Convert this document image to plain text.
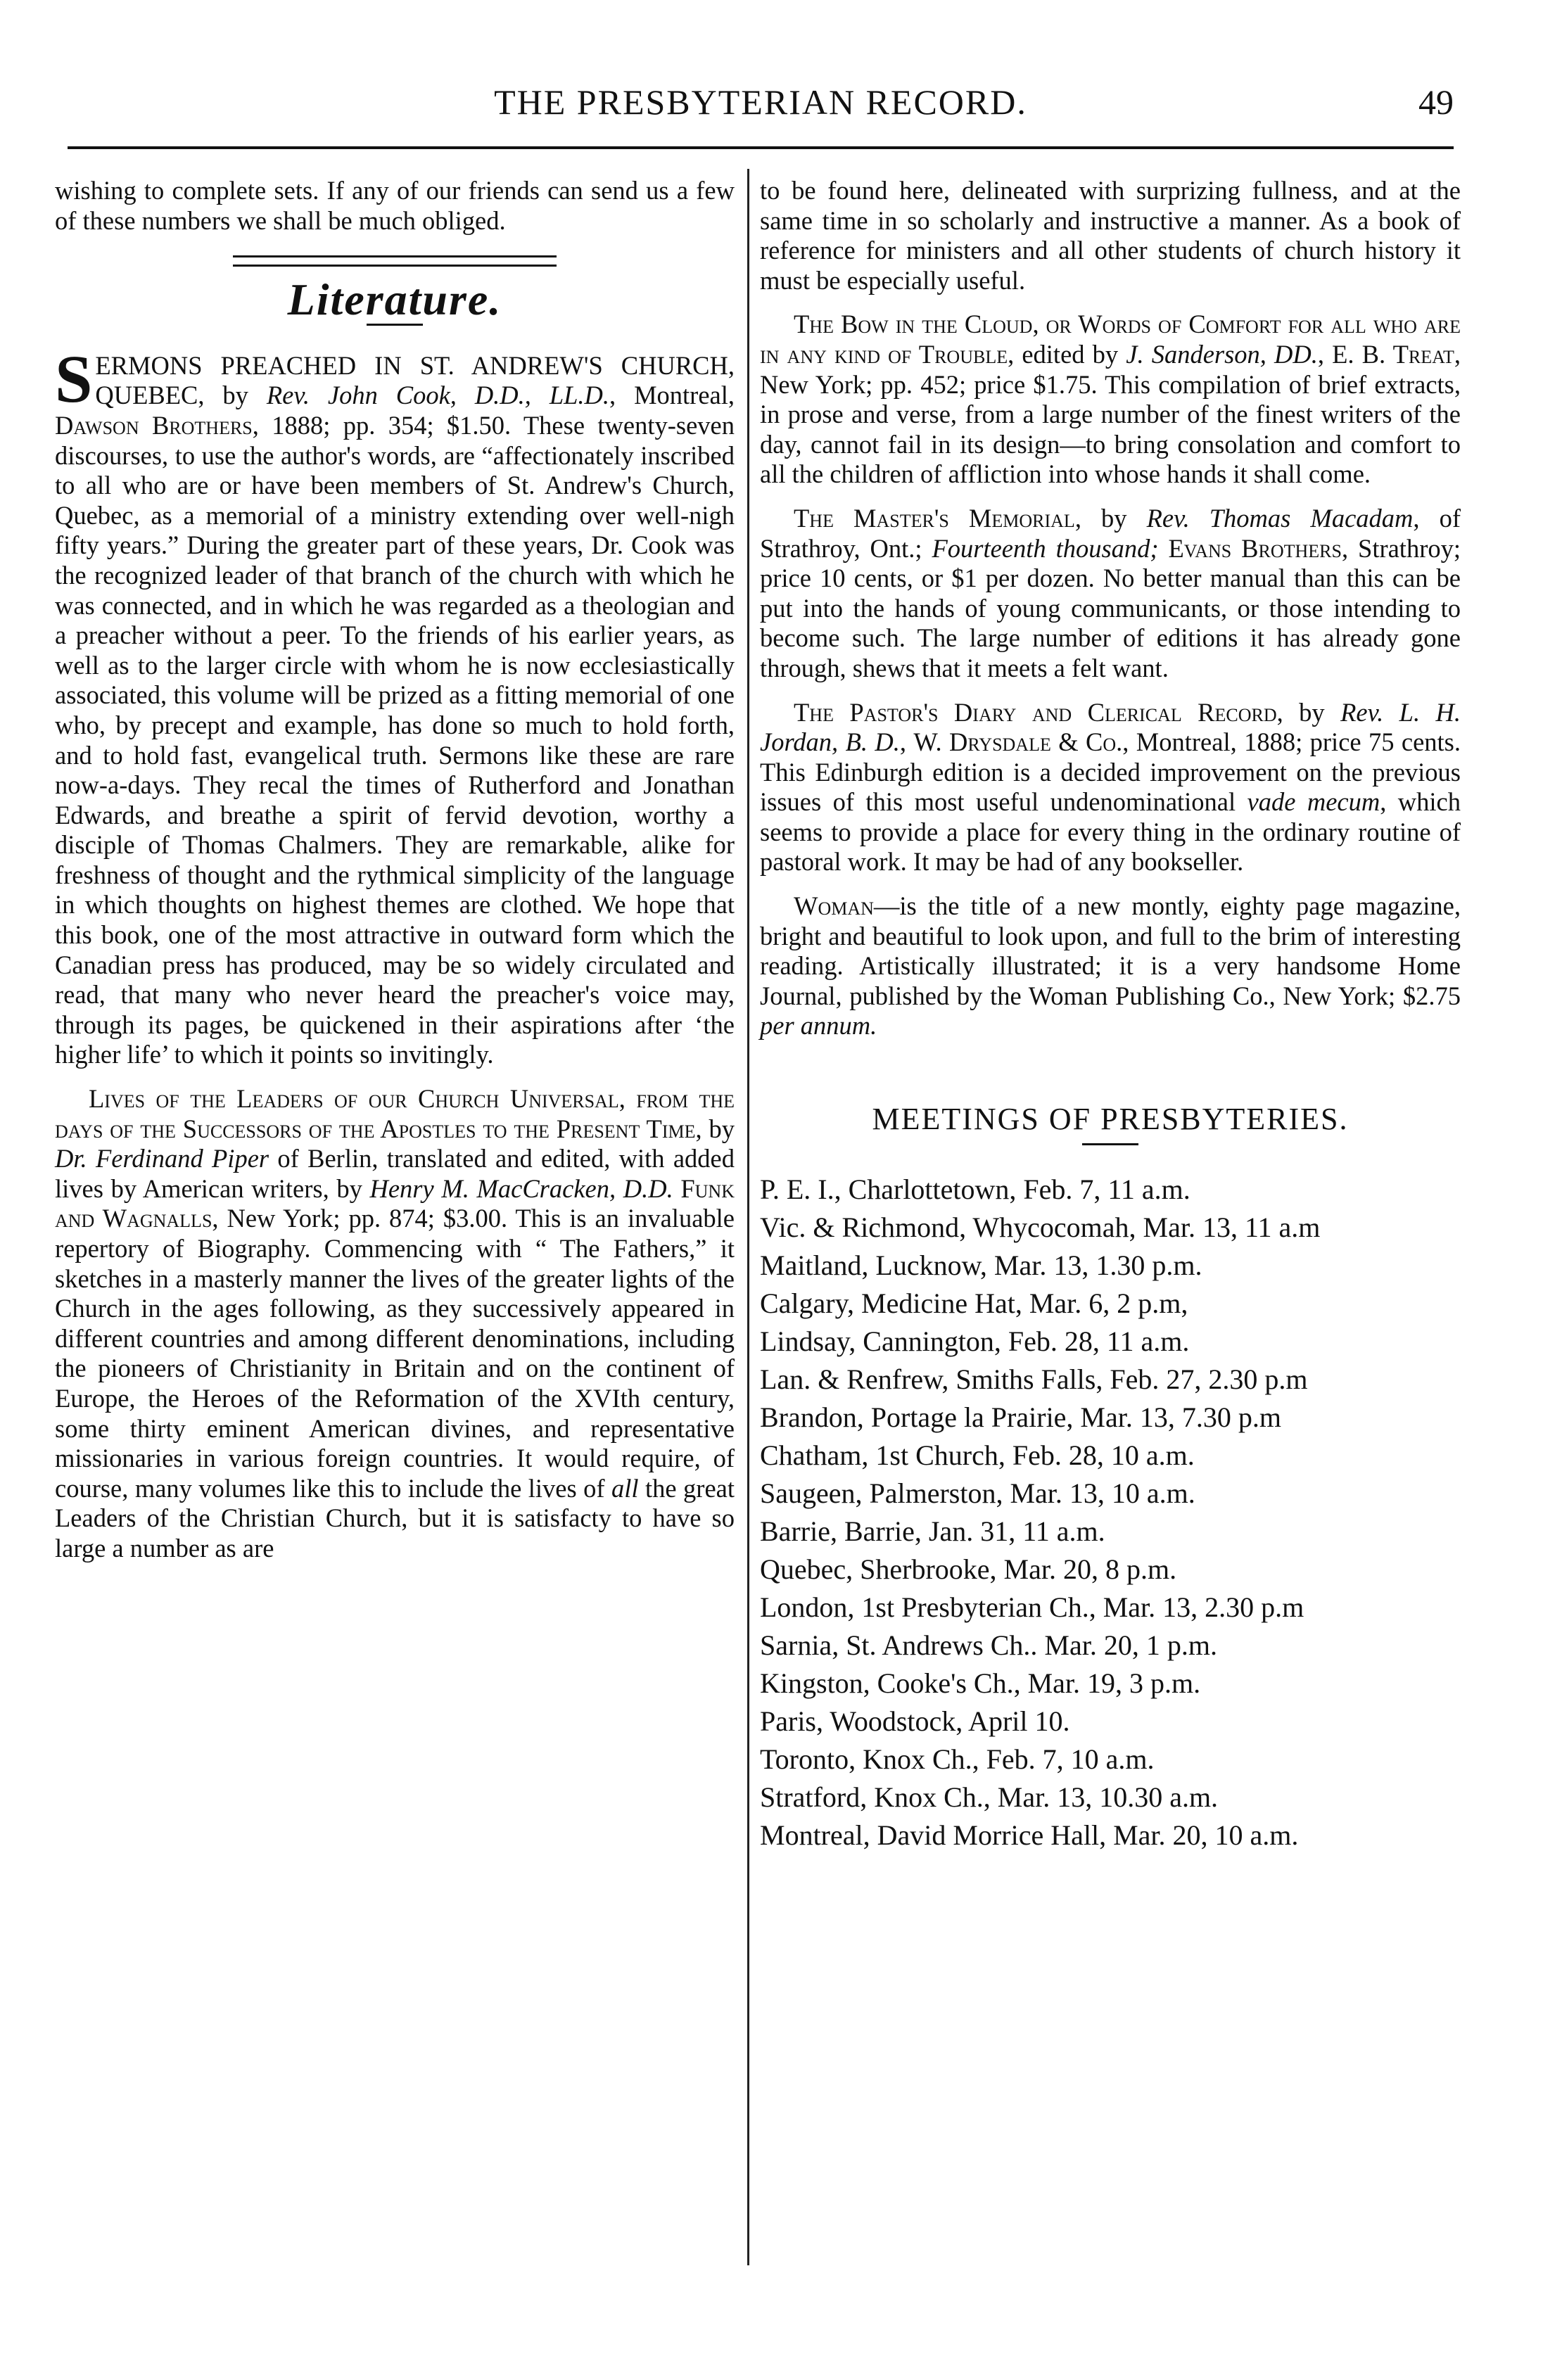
THE PRESBYTERIAN RECORD.	49

wishing to complete sets. If any of our friends can send us a few of these numbers we shall be much obliged.

Literature.

SERMONS PREACHED IN ST. ANDREW'S CHURCH, QUEBEC, by Rev. John Cook, D.D., LL.D., Montreal, Dawson Brothers, 1888; pp. 354; $1.50. These twenty-seven discourses, to use the author's words, are “affectionately inscribed to all who are or have been members of St. Andrew's Church, Quebec, as a memorial of a ministry extending over well-nigh fifty years.” During the greater part of these years, Dr. Cook was the recognized leader of that branch of the church with which he was connected, and in which he was regarded as a theologian and a preacher without a peer. To the friends of his earlier years, as well as to the larger circle with whom he is now ecclesiastically associated, this volume will be prized as a fitting memorial of one who, by precept and example, has done so much to hold forth, and to hold fast, evangelical truth. Sermons like these are rare now-a-days. They recal the times of Rutherford and Jonathan Edwards, and breathe a spirit of fervid devotion, worthy a disciple of Thomas Chalmers. They are remarkable, alike for freshness of thought and the rythmical simplicity of the language in which thoughts on highest themes are clothed. We hope that this book, one of the most attractive in outward form which the Canadian press has produced, may be so widely circulated and read, that many who never heard the preacher's voice may, through its pages, be quickened in their aspirations after ‘the higher life’ to which it points so invitingly.

Lives of the Leaders of our Church Universal, from the days of the Successors of the Apostles to the Present Time, by Dr. Ferdinand Piper of Berlin, translated and edited, with added lives by American writers, by Henry M. MacCracken, D.D. Funk and Wagnalls, New York; pp. 874; $3.00. This is an invaluable repertory of Biography. Commencing with “ The Fathers,” it sketches in a masterly manner the lives of the greater lights of the Church in the ages following, as they successively appeared in different countries and among different denominations, including the pioneers of Christianity in Britain and on the continent of Europe, the Heroes of the Reformation of the XVIth century, some thirty eminent American divines, and representative missionaries in various foreign countries. It would require, of course, many volumes like this to include the lives of all the great Leaders of the Christian Church, but it is satisfacty to have so large a number as are

to be found here, delineated with surprizing fullness, and at the same time in so scholarly and instructive a manner. As a book of reference for ministers and all other students of church history it must be especially useful.

The Bow in the Cloud, or Words of Comfort for all who are in any kind of Trouble, edited by J. Sanderson, DD., E. B. Treat, New York; pp. 452; price $1.75. This compilation of brief extracts, in prose and verse, from a large number of the finest writers of the day, cannot fail in its design—to bring consolation and comfort to all the children of affliction into whose hands it shall come.

The Master's Memorial, by Rev. Thomas Macadam, of Strathroy, Ont.; Fourteenth thousand; Evans Brothers, Strathroy; price 10 cents, or $1 per dozen. No better manual than this can be put into the hands of young communicants, or those intending to become such. The large number of editions it has already gone through, shews that it meets a felt want.

The Pastor's Diary and Clerical Record, by Rev. L. H. Jordan, B. D., W. Drysdale & Co., Montreal, 1888; price 75 cents. This Edinburgh edition is a decided improvement on the previous issues of this most useful undenominational vade mecum, which seems to provide a place for every thing in the ordinary routine of pastoral work. It may be had of any bookseller.

Woman—is the title of a new montly, eighty page magazine, bright and beautiful to look upon, and full to the brim of interesting reading. Artistically illustrated; it is a very handsome Home Journal, published by the Woman Publishing Co., New York; $2.75 per annum.

MEETINGS OF PRESBYTERIES.
P. E. I., Charlottetown, Feb. 7, 11 a.m.
Vic. & Richmond, Whycocomah, Mar. 13, 11 a.m
Maitland, Lucknow, Mar. 13, 1.30 p.m.
Calgary, Medicine Hat, Mar. 6, 2 p.m,
Lindsay, Cannington, Feb. 28, 11 a.m.
Lan. & Renfrew, Smiths Falls, Feb. 27, 2.30 p.m
Brandon, Portage la Prairie, Mar. 13, 7.30 p.m
Chatham, 1st Church, Feb. 28, 10 a.m.
Saugeen, Palmerston, Mar. 13, 10 a.m.
Barrie, Barrie, Jan. 31, 11 a.m.
Quebec, Sherbrooke, Mar. 20, 8 p.m.
London, 1st Presbyterian Ch., Mar. 13, 2.30 p.m
Sarnia, St. Andrews Ch.. Mar. 20, 1 p.m.
Kingston, Cooke's Ch., Mar. 19, 3 p.m.
Paris, Woodstock, April 10.
Toronto, Knox Ch., Feb. 7, 10 a.m.
Stratford, Knox Ch., Mar. 13, 10.30 a.m.
Montreal, David Morrice Hall, Mar. 20, 10 a.m.
